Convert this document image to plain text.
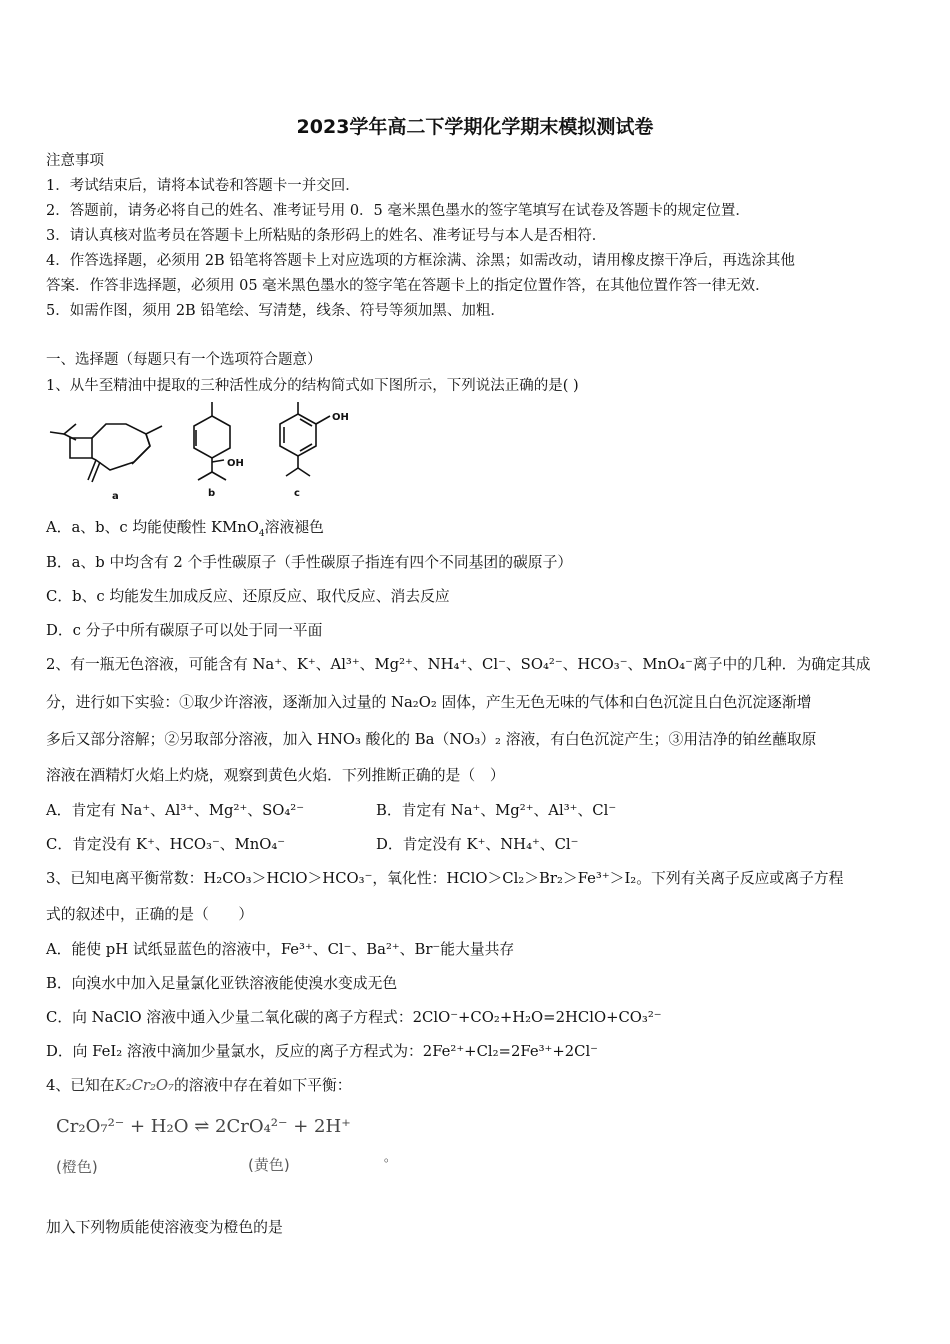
2023学年高二下学期化学期末模拟测试卷
注意事项
1．考试结束后，请将本试卷和答题卡一并交回．
2．答题前，请务必将自己的姓名、准考证号用 0．5 毫米黑色墨水的签字笔填写在试卷及答题卡的规定位置．
3．请认真核对监考员在答题卡上所粘贴的条形码上的姓名、准考证号与本人是否相符．
4．作答选择题，必须用 2B 铅笔将答题卡上对应选项的方框涂满、涂黑；如需改动，请用橡皮擦干净后，再选涂其他
答案．作答非选择题，必须用 05 毫米黑色墨水的签字笔在答题卡上的指定位置作答，在其他位置作答一律无效．
5．如需作图，须用 2B 铅笔绘、写清楚，线条、符号等须加黑、加粗．
一、选择题（每题只有一个选项符合题意）
1、从牛至精油中提取的三种活性成分的结构简式如下图所示，下列说法正确的是( )
OH
OH
a	b	c
A．a、b、c 均能使酸性 KMnO$_4$溶液褪色
B．a、b 中均含有 2 个手性碳原子（手性碳原子指连有四个不同基团的碳原子）
C．b、c 均能发生加成反应、还原反应、取代反应、消去反应
D．c 分子中所有碳原子可以处于同一平面
2、有一瓶无色溶液，可能含有 Na⁺、K⁺、Al³⁺、Mg²⁺、NH₄⁺、Cl⁻、SO₄²⁻、HCO₃⁻、MnO₄⁻离子中的几种．为确定其成
分，进行如下实验：①取少许溶液，逐渐加入过量的 Na₂O₂ 固体，产生无色无味的气体和白色沉淀且白色沉淀逐渐增
多后又部分溶解；②另取部分溶液，加入 HNO₃ 酸化的 Ba（NO₃）₂ 溶液，有白色沉淀产生；③用洁净的铂丝蘸取原
溶液在酒精灯火焰上灼烧，观察到黄色火焰．下列推断正确的是（　）
A．肯定有 Na⁺、Al³⁺、Mg²⁺、SO₄²⁻	B．肯定有 Na⁺、Mg²⁺、Al³⁺、Cl⁻
C．肯定没有 K⁺、HCO₃⁻、MnO₄⁻	D．肯定没有 K⁺、NH₄⁺、Cl⁻
3、已知电离平衡常数：H₂CO₃＞HClO＞HCO₃⁻，氧化性：HClO＞Cl₂＞Br₂＞Fe³⁺＞I₂。下列有关离子反应或离子方程
式的叙述中，正确的是（　　）
A．能使 pH 试纸显蓝色的溶液中，Fe³⁺、Cl⁻、Ba²⁺、Br⁻能大量共存
B．向溴水中加入足量氯化亚铁溶液能使溴水变成无色
C．向 NaClO 溶液中通入少量二氧化碳的离子方程式：2ClO⁻+CO₂+H₂O=2HClO+CO₃²⁻
D．向 FeI₂ 溶液中滴加少量氯水，反应的离子方程式为：2Fe²⁺+Cl₂=2Fe³⁺+2Cl⁻
4、已知在K₂Cr₂O₇的溶液中存在着如下平衡：
Cr₂O₇²⁻ + H₂O ⇌ 2CrO₄²⁻ + 2H⁺
(橙色)	(黄色)	。
加入下列物质能使溶液变为橙色的是
